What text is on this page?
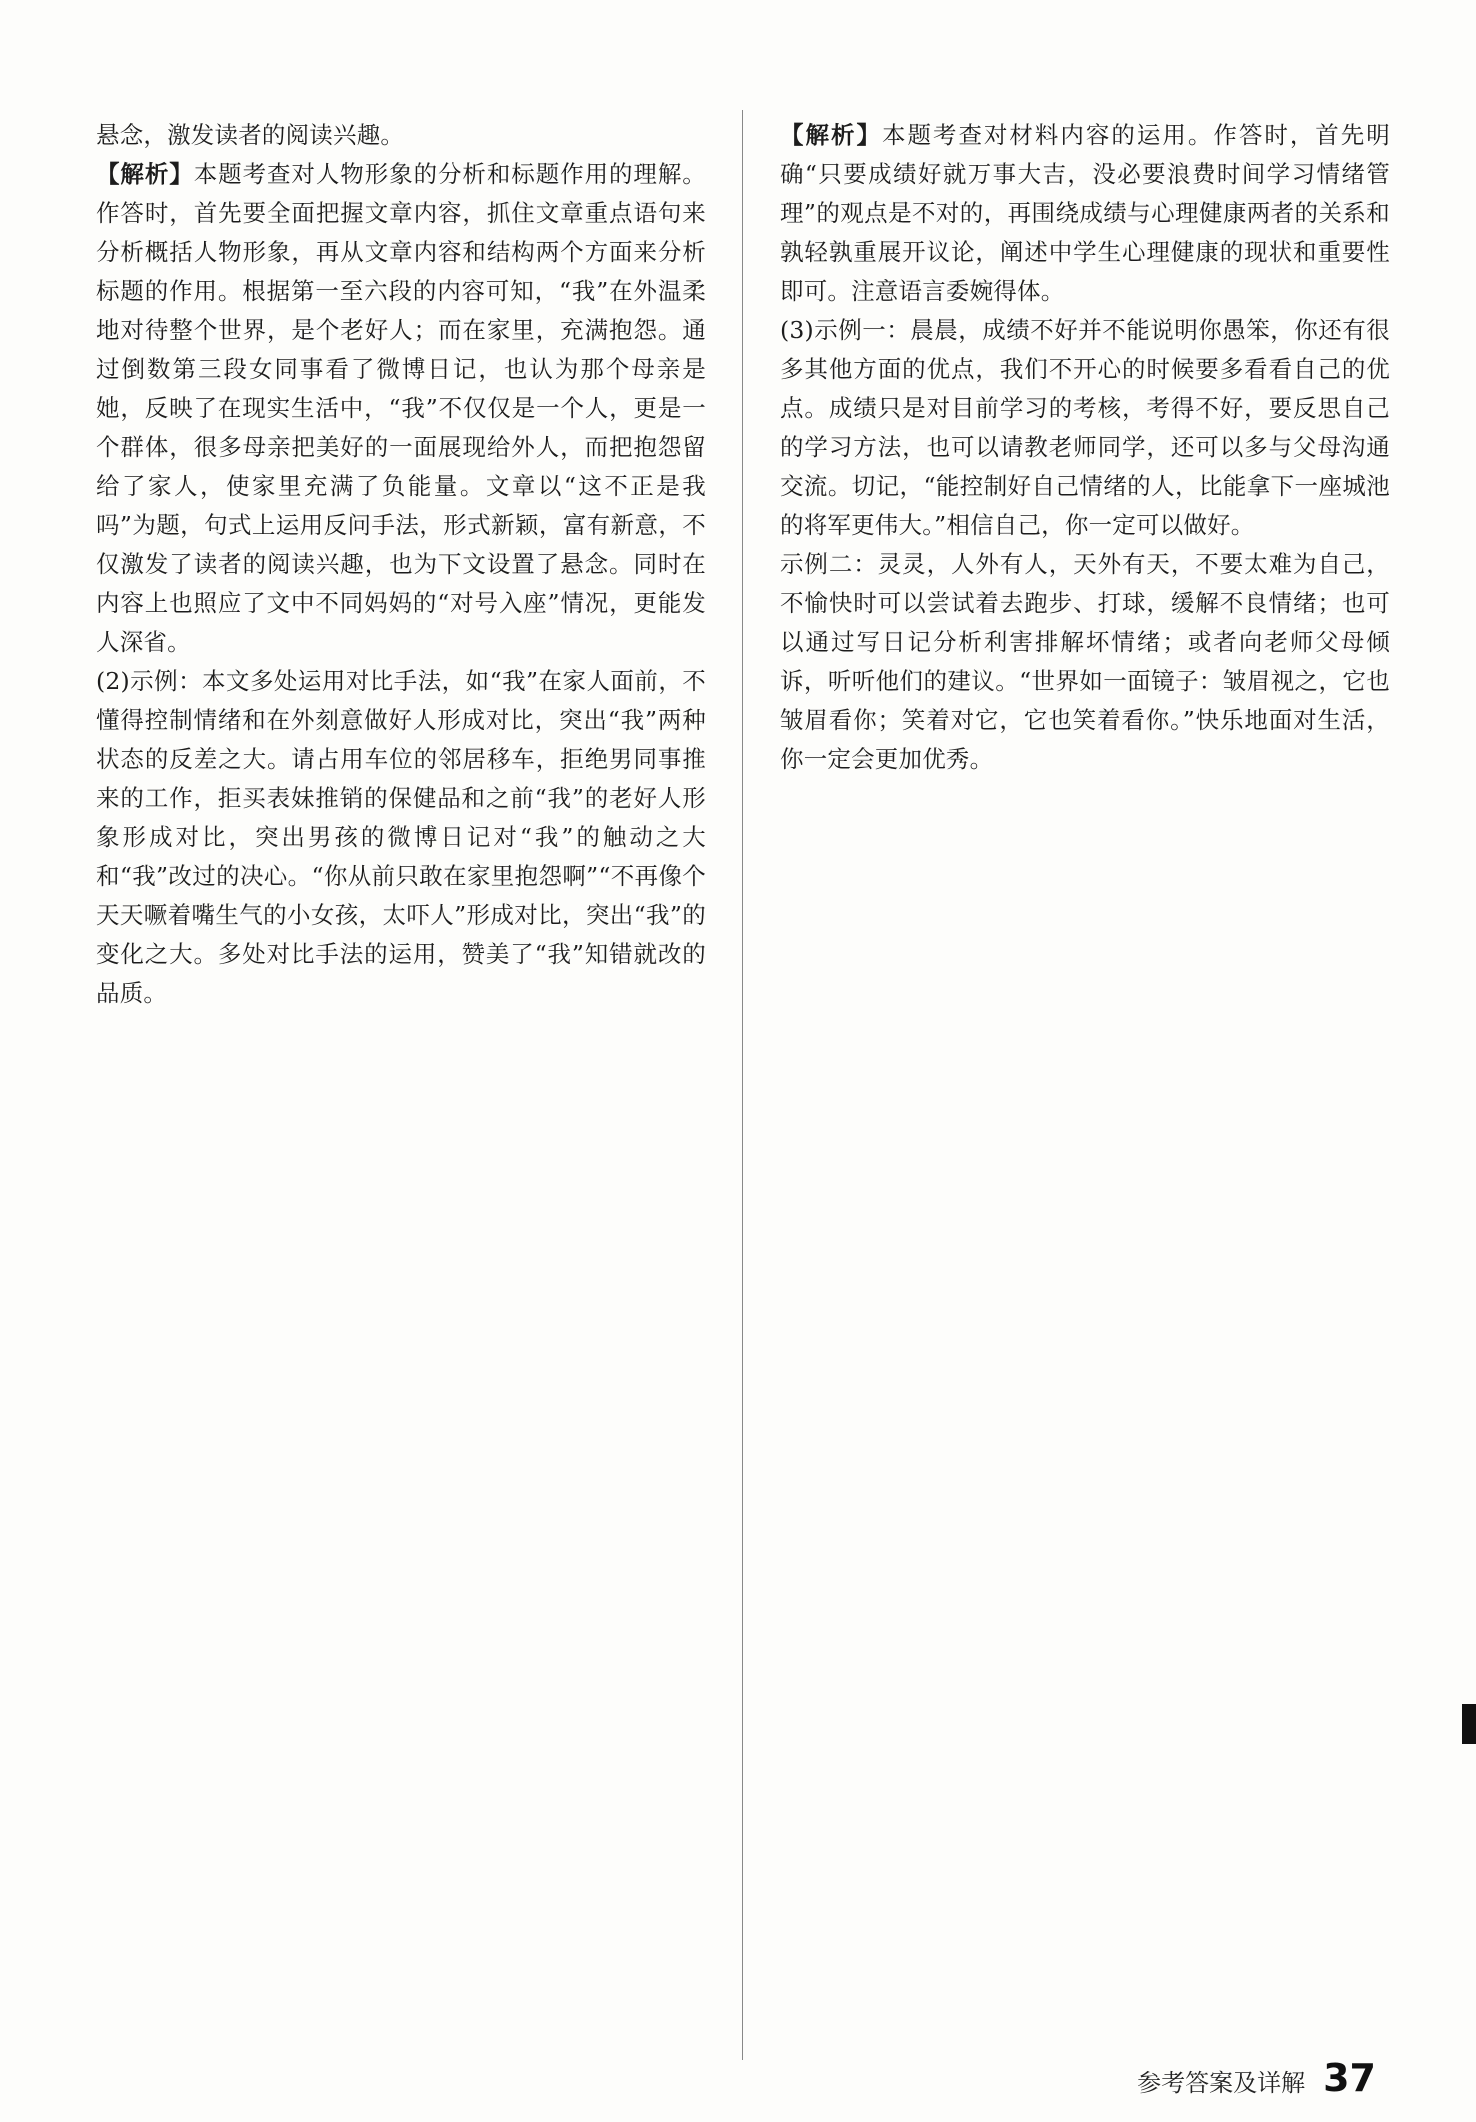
悬念，激发读者的阅读兴趣。

【解析】本题考查对人物形象的分析和标题作用的理解。作答时，首先要全面把握文章内容，抓住文章重点语句来分析概括人物形象，再从文章内容和结构两个方面来分析标题的作用。根据第一至六段的内容可知，“我”在外温柔地对待整个世界，是个老好人；而在家里，充满抱怨。通过倒数第三段女同事看了微博日记，也认为那个母亲是她，反映了在现实生活中，“我”不仅仅是一个人，更是一个群体，很多母亲把美好的一面展现给外人，而把抱怨留给了家人，使家里充满了负能量。文章以“这不正是我吗”为题，句式上运用反问手法，形式新颖，富有新意，不仅激发了读者的阅读兴趣，也为下文设置了悬念。同时在内容上也照应了文中不同妈妈的“对号入座”情况，更能发人深省。

(2)示例：本文多处运用对比手法，如“我”在家人面前，不懂得控制情绪和在外刻意做好人形成对比，突出“我”两种状态的反差之大。请占用车位的邻居移车，拒绝男同事推来的工作，拒买表妹推销的保健品和之前“我”的老好人形象形成对比，突出男孩的微博日记对“我”的触动之大和“我”改过的决心。“你从前只敢在家里抱怨啊”“不再像个天天噘着嘴生气的小女孩，太吓人”形成对比，突出“我”的变化之大。多处对比手法的运用，赞美了“我”知错就改的品质。

【解析】本题考查对材料内容的运用。作答时，首先明确“只要成绩好就万事大吉，没必要浪费时间学习情绪管理”的观点是不对的，再围绕成绩与心理健康两者的关系和孰轻孰重展开议论，阐述中学生心理健康的现状和重要性即可。注意语言委婉得体。

(3)示例一：晨晨，成绩不好并不能说明你愚笨，你还有很多其他方面的优点，我们不开心的时候要多看看自己的优点。成绩只是对目前学习的考核，考得不好，要反思自己的学习方法，也可以请教老师同学，还可以多与父母沟通交流。切记，“能控制好自己情绪的人，比能拿下一座城池的将军更伟大。”相信自己，你一定可以做好。

示例二：灵灵，人外有人，天外有天，不要太难为自己，不愉快时可以尝试着去跑步、打球，缓解不良情绪；也可以通过写日记分析利害排解坏情绪；或者向老师父母倾诉，听听他们的建议。“世界如一面镜子：皱眉视之，它也皱眉看你；笑着对它，它也笑着看你。”快乐地面对生活，你一定会更加优秀。

参考答案及详解 37
